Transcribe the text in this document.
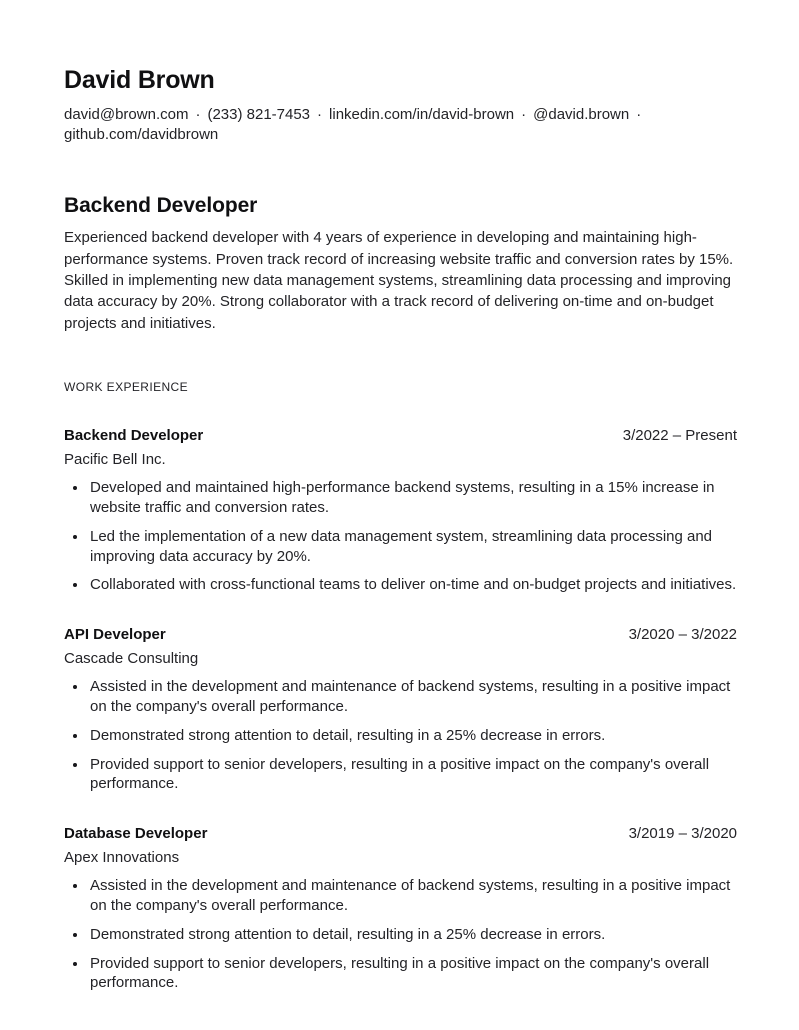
David Brown
david@brown.com · (233) 821-7453 · linkedin.com/in/david-brown · @david.brown ·github.com/davidbrown
Backend Developer

Experienced backend developer with 4 years of experience in developing and maintaining high-performance systems. Proven track record of increasing website traffic and conversion rates by 15%. Skilled in implementing new data management systems, streamlining data processing and improving data accuracy by 20%. Strong collaborator with a track record of delivering on-time and on-budget projects and initiatives.

WORK EXPERIENCE
Backend Developer	3/2022 – Present
Pacific Bell Inc.
• Developed and maintained high-performance backend systems, resulting in a 15% increase in website traffic and conversion rates.
• Led the implementation of a new data management system, streamlining data processing and improving data accuracy by 20%.
• Collaborated with cross-functional teams to deliver on-time and on-budget projects and initiatives.
API Developer	3/2020 – 3/2022
Cascade Consulting
• Assisted in the development and maintenance of backend systems, resulting in a positive impact on the company's overall performance.
• Demonstrated strong attention to detail, resulting in a 25% decrease in errors.
• Provided support to senior developers, resulting in a positive impact on the company's overall performance.
Database Developer	3/2019 – 3/2020
Apex Innovations
• Assisted in the development and maintenance of backend systems, resulting in a positive impact on the company's overall performance.
• Demonstrated strong attention to detail, resulting in a 25% decrease in errors.
• Provided support to senior developers, resulting in a positive impact on the company's overall performance.
